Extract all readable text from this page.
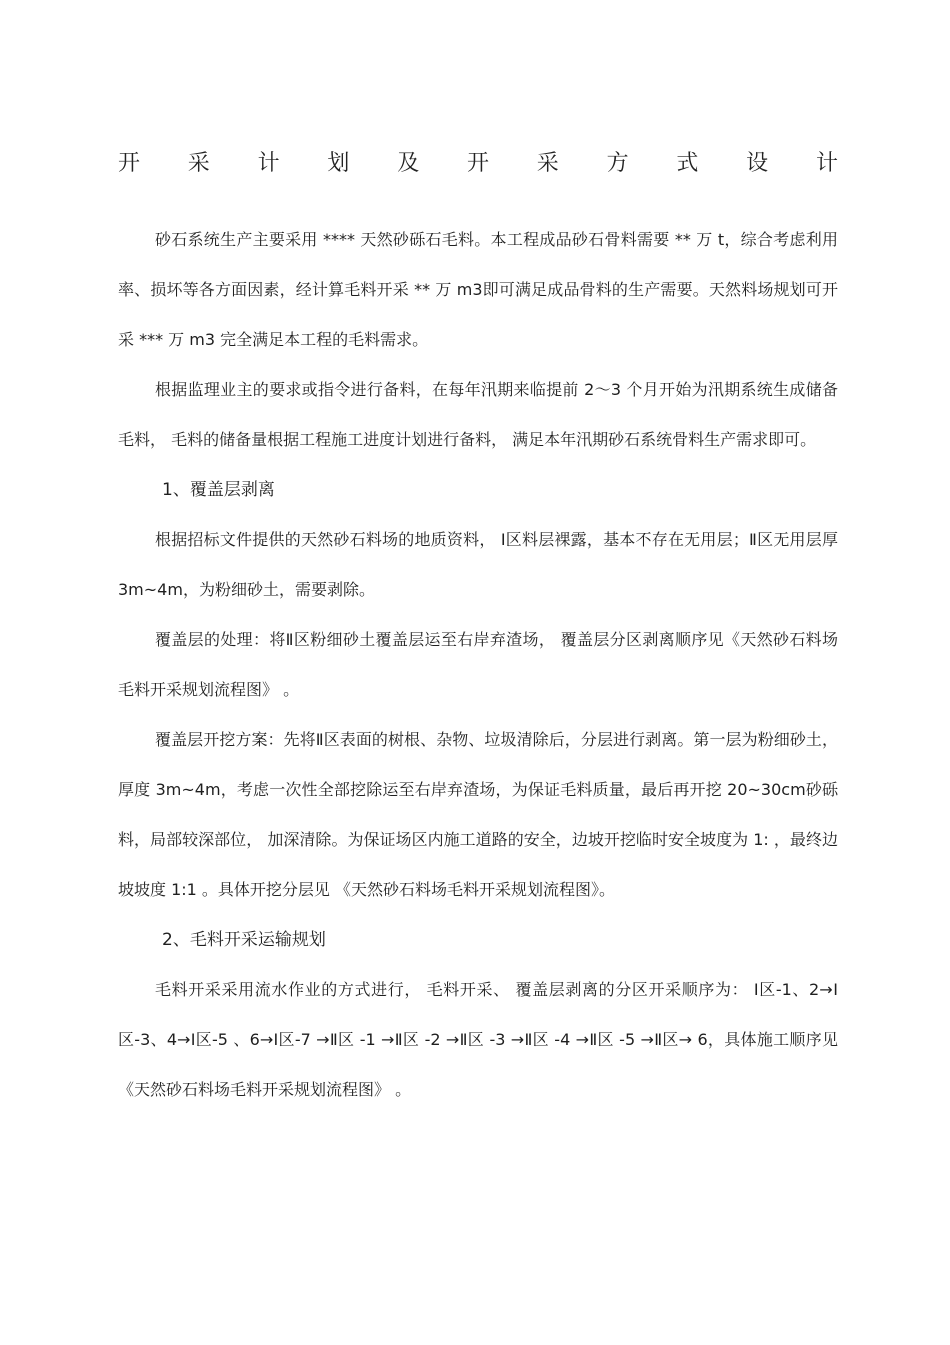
开 采 计 划 及 开 采 方 式 设 计

砂石系统生产主要采用 **** 天然砂砾石毛料。本工程成品砂石骨料需要 ** 万 t，综合考虑利用率、损坏等各方面因素，经计算毛料开采 ** 万 m3即可满足成品骨料的生产需要。天然料场规划可开采 *** 万 m3 完全满足本工程的毛料需求。

根据监理业主的要求或指令进行备料，在每年汛期来临提前 2～3 个月开始为汛期系统生成储备毛料， 毛料的储备量根据工程施工进度计划进行备料， 满足本年汛期砂石系统骨料生产需求即可。

1、覆盖层剥离

根据招标文件提供的天然砂石料场的地质资料， Ⅰ区料层裸露，基本不存在无用层；Ⅱ区无用层厚 3m~4m，为粉细砂土，需要剥除。

覆盖层的处理：将Ⅱ区粉细砂土覆盖层运至右岸弃渣场， 覆盖层分区剥离顺序见《天然砂石料场毛料开采规划流程图》 。

覆盖层开挖方案：先将Ⅱ区表面的树根、杂物、垃圾清除后，分层进行剥离。第一层为粉细砂土，厚度 3m~4m，考虑一次性全部挖除运至右岸弃渣场，为保证毛料质量，最后再开挖 20~30cm砂砾料，局部较深部位， 加深清除。为保证场区内施工道路的安全，边坡开挖临时安全坡度为 1: ，最终边坡坡度 1:1 。具体开挖分层见 《天然砂石料场毛料开采规划流程图》。

2、毛料开采运输规划

毛料开采采用流水作业的方式进行， 毛料开采、 覆盖层剥离的分区开采顺序为： Ⅰ区-1、2→Ⅰ区-3、4→Ⅰ区-5 、6→Ⅰ区-7 →Ⅱ区 -1 →Ⅱ区 -2 →Ⅱ区 -3 →Ⅱ区 -4 →Ⅱ区 -5 →Ⅱ区→ 6，具体施工顺序见《天然砂石料场毛料开采规划流程图》 。
